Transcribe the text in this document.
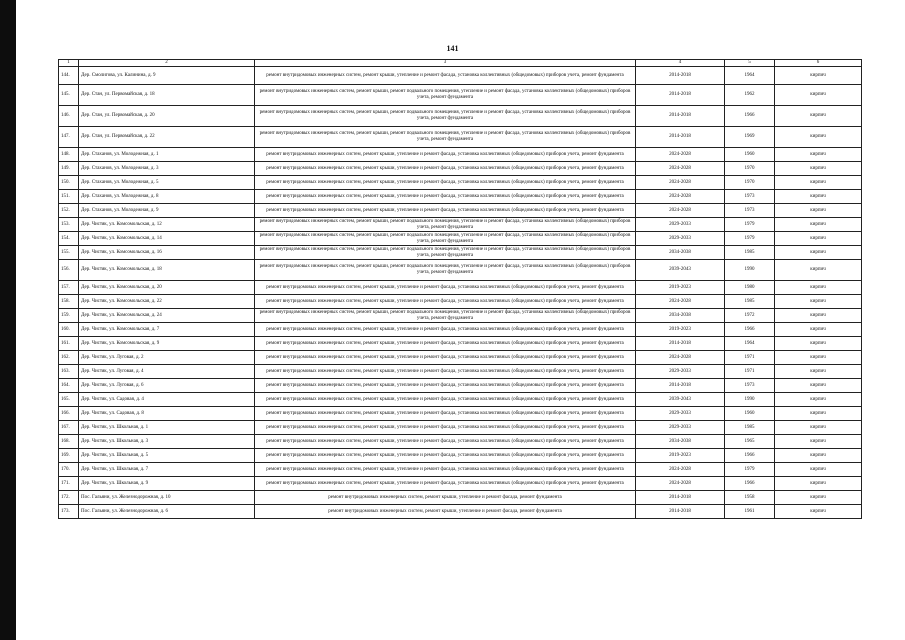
141
1	2	3	4	5	6
144.	Дер. Смолигова, ул. Калинина, д. 9	ремонт внутридомовых инженерных систем, ремонт крыши, утепление и ремонт фасада, установка коллективных (общедомовых) приборов учета, ремонт фундамента	2014-2018	1964	кирпич
145.	Дер. Стан, ул. Первомайская, д. 18	ремонт внутридомовых инженерных систем, ремонт крыши, ремонт подвального помещения, утепление и ремонт фасада, установка коллективных (общедомовых) приборов учета, ремонт фундамента	2014-2018	1962	кирпич
146.	Дер. Стан, ул. Первомайская, д. 20	ремонт внутридомовых инженерных систем, ремонт крыши, ремонт подвального помещения, утепление и ремонт фасада, установка коллективных (общедомовых) приборов учета, ремонт фундамента	2014-2018	1966	кирпич
147.	Дер. Стан, ул. Первомайская, д. 22	ремонт внутридомовых инженерных систем, ремонт крыши, ремонт подвального помещения, утепление и ремонт фасада, установка коллективных (общедомовых) приборов учета, ремонт фундамента	2014-2018	1969	кирпич
148.	Дер. Стаханов, ул. Молодежная, д. 1	ремонт внутридомовых инженерных систем, ремонт крыши, утепление и ремонт фасада, установка коллективных (общедомовых) приборов учета, ремонт фундамента	2024-2028	1960	кирпич
149.	Дер. Стаханов, ул. Молодежная, д. 3	ремонт внутридомовых инженерных систем, ремонт крыши, утепление и ремонт фасада, установка коллективных (общедомовых) приборов учета, ремонт фундамента	2024-2028	1970	кирпич
150.	Дер. Стаханов, ул. Молодежная, д. 5	ремонт внутридомовых инженерных систем, ремонт крыши, утепление и ремонт фасада, установка коллективных (общедомовых) приборов учета, ремонт фундамента	2024-2028	1970	кирпич
151.	Дер. Стаханов, ул. Молодежная, д. 8	ремонт внутридомовых инженерных систем, ремонт крыши, утепление и ремонт фасада, установка коллективных (общедомовых) приборов учета, ремонт фундамента	2024-2028	1973	кирпич
152.	Дер. Стаханов, ул. Молодежная, д. 9	ремонт внутридомовых инженерных систем, ремонт крыши, утепление и ремонт фасада, установка коллективных (общедомовых) приборов учета, ремонт фундамента	2024-2028	1973	кирпич
153.	Дер. Чистяк, ул. Комсомольская, д. 12	ремонт внутридомовых инженерных систем, ремонт крыши, ремонт подвального помещения, утепление и ремонт фасада, установка коллективных (общедомовых) приборов учета, ремонт фундамента	2029-2033	1979	кирпич
154.	Дер. Чистяк, ул. Комсомольская, д. 14	ремонт внутридомовых инженерных систем, ремонт крыши, ремонт подвального помещения, утепление и ремонт фасада, установка коллективных (общедомовых) приборов учета, ремонт фундамента	2029-2033	1979	кирпич
155.	Дер. Чистяк, ул. Комсомольская, д. 16	ремонт внутридомовых инженерных систем, ремонт крыши, ремонт подвального помещения, утепление и ремонт фасада, установка коллективных (общедомовых) приборов учета, ремонт фундамента	2034-2038	1985	кирпич
156.	Дер. Чистяк, ул. Комсомольская, д. 18	ремонт внутридомовых инженерных систем, ремонт крыши, ремонт подвального помещения, утепление и ремонт фасада, установка коллективных (общедомовых) приборов учета, ремонт фундамента	2039-2043	1990	кирпич
157.	Дер. Чистяк, ул. Комсомольская, д. 20	ремонт внутридомовых инженерных систем, ремонт крыши, утепление и ремонт фасада, установка коллективных (общедомовых) приборов учета, ремонт фундамента	2019-2023	1980	кирпич
158.	Дер. Чистяк, ул. Комсомольская, д. 22	ремонт внутридомовых инженерных систем, ремонт крыши, утепление и ремонт фасада, установка коллективных (общедомовых) приборов учета, ремонт фундамента	2024-2028	1985	кирпич
159.	Дер. Чистяк, ул. Комсомольская, д. 24	ремонт внутридомовых инженерных систем, ремонт крыши, ремонт подвального помещения, утепление и ремонт фасада, установка коллективных (общедомовых) приборов учета, ремонт фундамента	2034-2038	1972	кирпич
160.	Дер. Чистяк, ул. Комсомольская, д. 7	ремонт внутридомовых инженерных систем, ремонт крыши, утепление и ремонт фасада, установка коллективных (общедомовых) приборов учета, ремонт фундамента	2019-2023	1966	кирпич
161.	Дер. Чистяк, ул. Комсомольская, д. 9	ремонт внутридомовых инженерных систем, ремонт крыши, утепление и ремонт фасада, установка коллективных (общедомовых) приборов учета, ремонт фундамента	2014-2018	1964	кирпич
162.	Дер. Чистяк, ул. Луговая, д. 2	ремонт внутридомовых инженерных систем, ремонт крыши, утепление и ремонт фасада, установка коллективных (общедомовых) приборов учета, ремонт фундамента	2024-2028	1971	кирпич
163.	Дер. Чистяк, ул. Луговая, д. 4	ремонт внутридомовых инженерных систем, ремонт крыши, утепление и ремонт фасада, установка коллективных (общедомовых) приборов учета, ремонт фундамента	2029-2033	1971	кирпич
164.	Дер. Чистяк, ул. Луговая, д. 6	ремонт внутридомовых инженерных систем, ремонт крыши, утепление и ремонт фасада, установка коллективных (общедомовых) приборов учета, ремонт фундамента	2014-2018	1973	кирпич
165.	Дер. Чистяк, ул. Садовая, д. 4	ремонт внутридомовых инженерных систем, ремонт крыши, утепление и ремонт фасада, установка коллективных (общедомовых) приборов учета, ремонт фундамента	2039-2043	1990	кирпич
166.	Дер. Чистяк, ул. Садовая, д. 8	ремонт внутридомовых инженерных систем, ремонт крыши, утепление и ремонт фасада, установка коллективных (общедомовых) приборов учета, ремонт фундамента	2029-2033	1960	кирпич
167.	Дер. Чистяк, ул. Школьная, д. 1	ремонт внутридомовых инженерных систем, ремонт крыши, утепление и ремонт фасада, установка коллективных (общедомовых) приборов учета, ремонт фундамента	2029-2033	1985	кирпич
168.	Дер. Чистяк, ул. Школьная, д. 3	ремонт внутридомовых инженерных систем, ремонт крыши, утепление и ремонт фасада, установка коллективных (общедомовых) приборов учета, ремонт фундамента	2034-2038	1965	кирпич
169.	Дер. Чистяк, ул. Школьная, д. 5	ремонт внутридомовых инженерных систем, ремонт крыши, утепление и ремонт фасада, установка коллективных (общедомовых) приборов учета, ремонт фундамента	2019-2023	1966	кирпич
170.	Дер. Чистяк, ул. Школьная, д. 7	ремонт внутридомовых инженерных систем, ремонт крыши, утепление и ремонт фасада, установка коллективных (общедомовых) приборов учета, ремонт фундамента	2024-2028	1979	кирпич
171.	Дер. Чистяк, ул. Школьная, д. 9	ремонт внутридомовых инженерных систем, ремонт крыши, утепление и ремонт фасада, установка коллективных (общедомовых) приборов учета, ремонт фундамента	2024-2028	1966	кирпич
172.	Пос. Гальяни, ул. Железнодорожная, д. 10	ремонт внутридомовых инженерных систем, ремонт крыши, утепление и ремонт фасада, ремонт фундамента	2014-2018	1958	кирпич
173.	Пос. Гальяни, ул. Железнодорожная, д. 6	ремонт внутридомовых инженерных систем, ремонт крыши, утепление и ремонт фасада, ремонт фундамента	2014-2018	1961	кирпич
